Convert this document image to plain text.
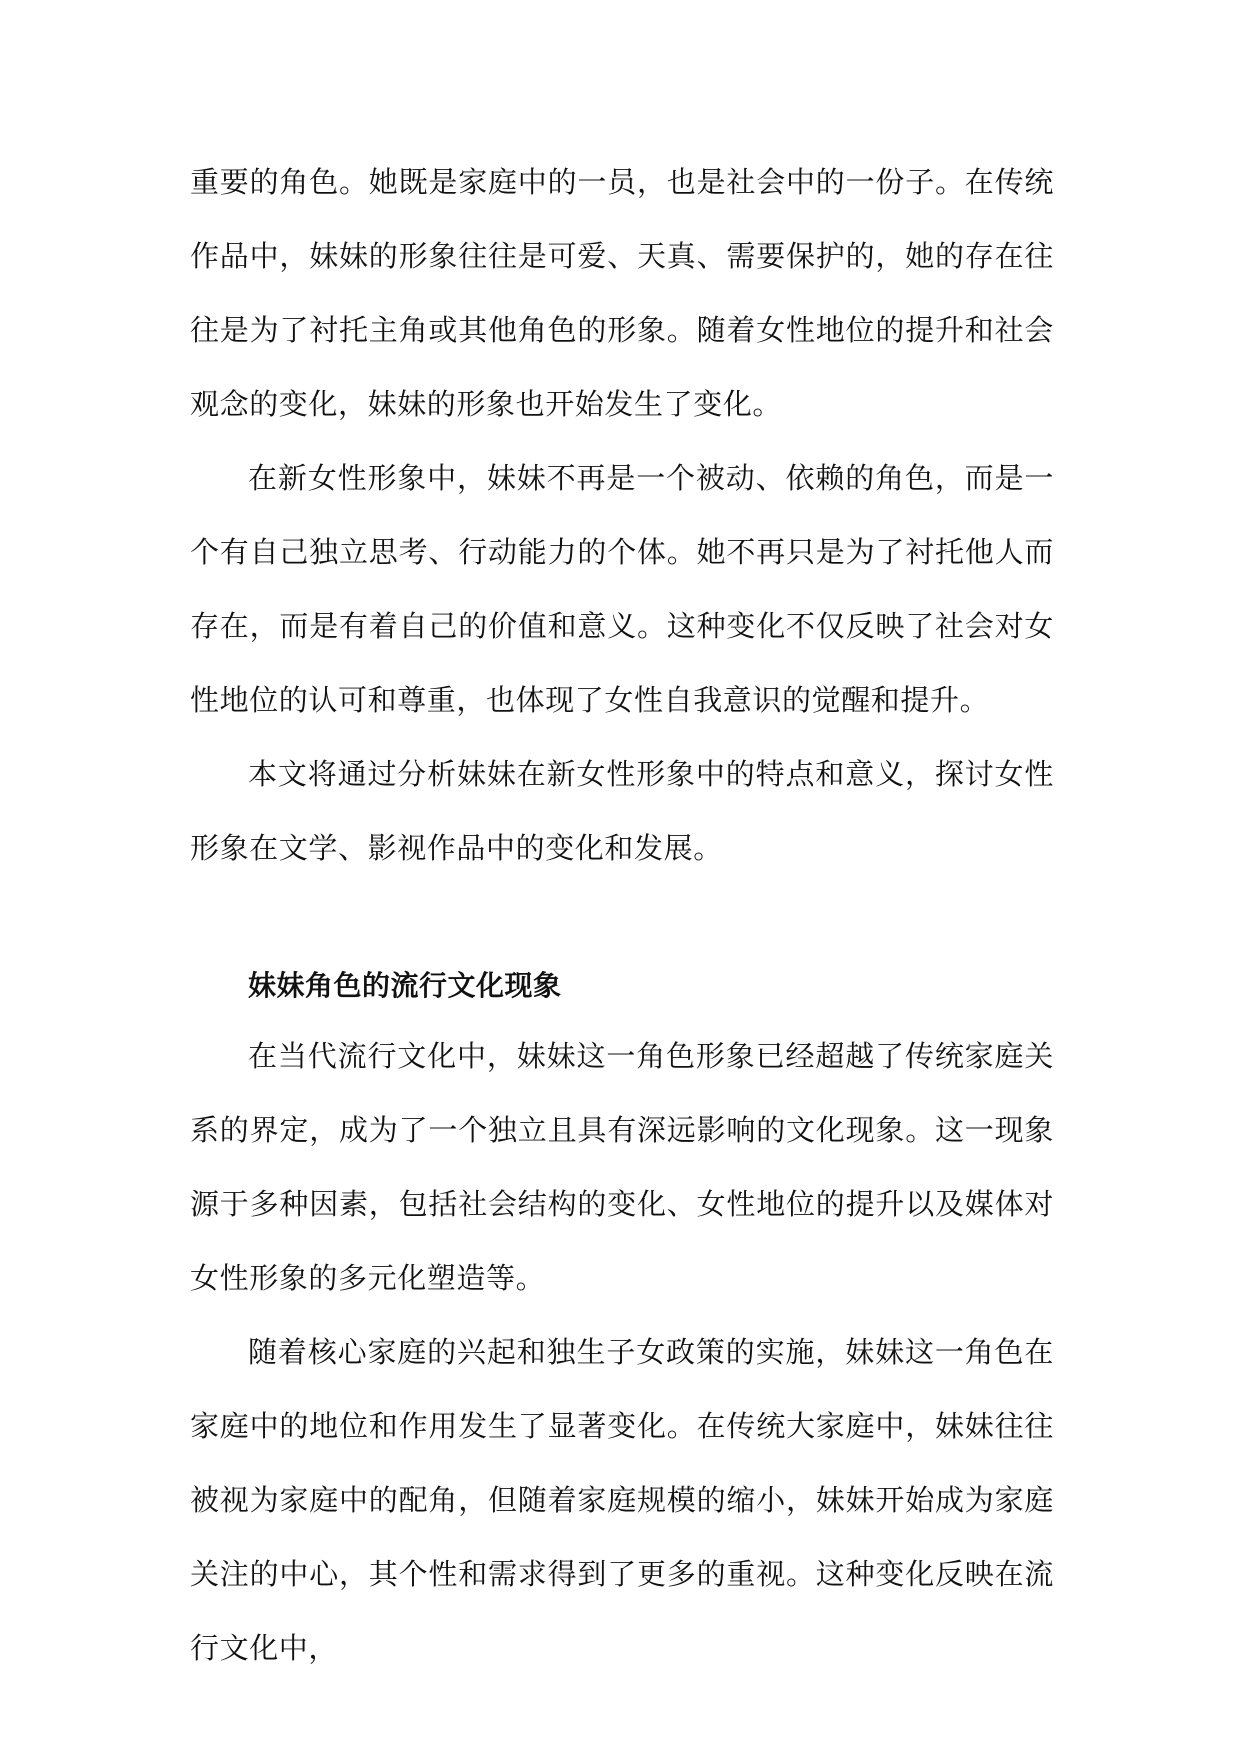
重要的角色。她既是家庭中的一员，也是社会中的一份子。在传统作品中，妹妹的形象往往是可爱、天真、需要保护的，她的存在往往是为了衬托主角或其他角色的形象。随着女性地位的提升和社会观念的变化，妹妹的形象也开始发生了变化。

在新女性形象中，妹妹不再是一个被动、依赖的角色，而是一个有自己独立思考、行动能力的个体。她不再只是为了衬托他人而存在，而是有着自己的价值和意义。这种变化不仅反映了社会对女性地位的认可和尊重，也体现了女性自我意识的觉醒和提升。

本文将通过分析妹妹在新女性形象中的特点和意义，探讨女性形象在文学、影视作品中的变化和发展。

妹妹角色的流行文化现象

在当代流行文化中，妹妹这一角色形象已经超越了传统家庭关系的界定，成为了一个独立且具有深远影响的文化现象。这一现象源于多种因素，包括社会结构的变化、女性地位的提升以及媒体对女性形象的多元化塑造等。

随着核心家庭的兴起和独生子女政策的实施，妹妹这一角色在家庭中的地位和作用发生了显著变化。在传统大家庭中，妹妹往往被视为家庭中的配角，但随着家庭规模的缩小，妹妹开始成为家庭关注的中心，其个性和需求得到了更多的重视。这种变化反映在流行文化中，
